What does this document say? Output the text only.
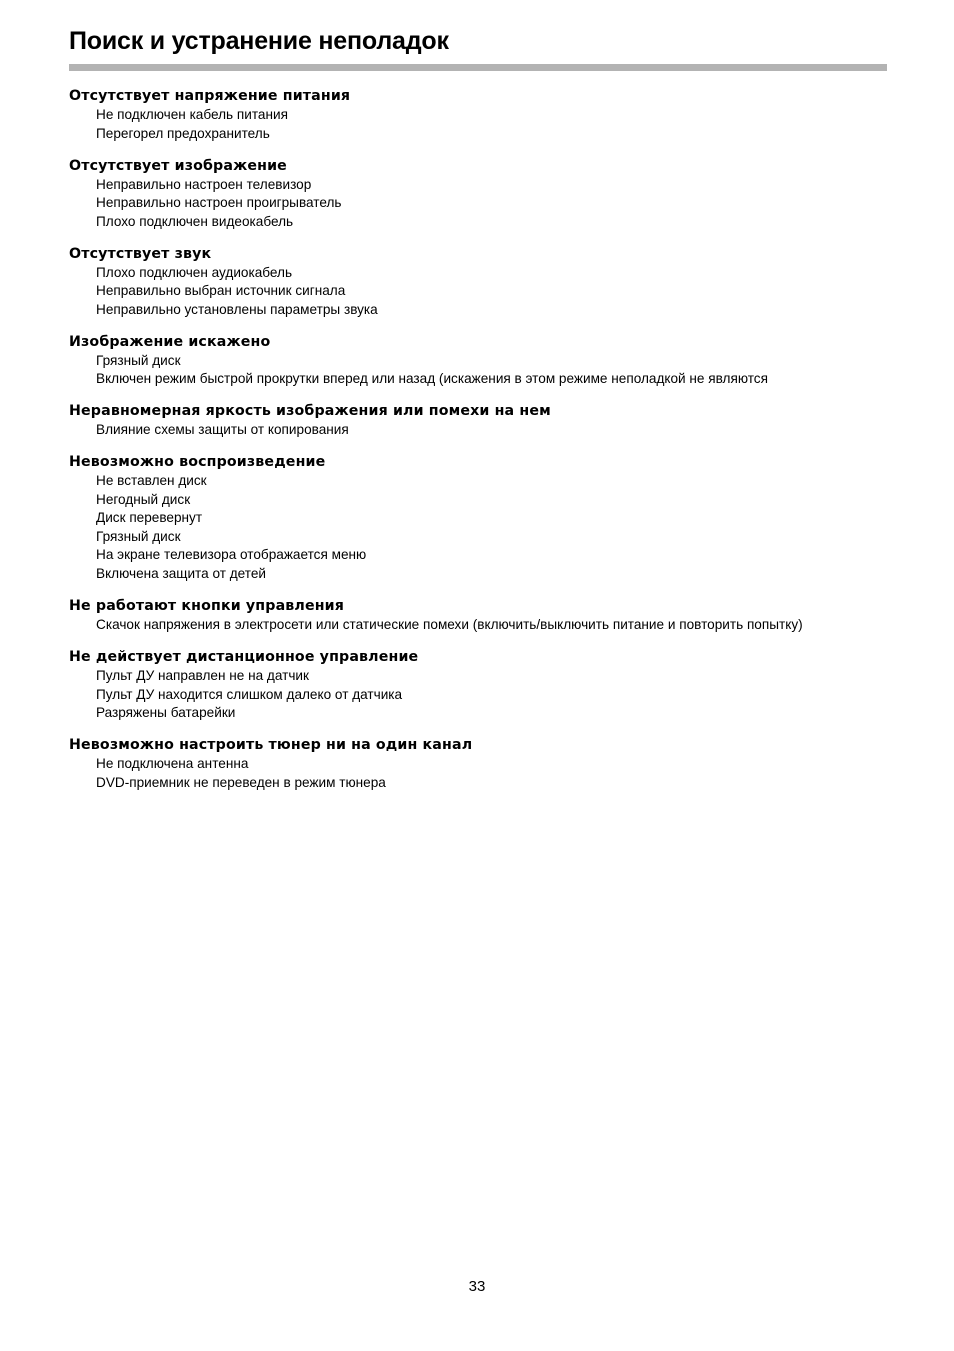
Поиск и устранение неполадок
Отсутствует напряжение питания
Не подключен кабель питания
Перегорел предохранитель
Отсутствует изображение
Неправильно настроен телевизор
Неправильно настроен проигрыватель
Плохо подключен видеокабель
Отсутствует звук
Плохо подключен аудиокабель
Неправильно выбран источник сигнала
Неправильно установлены параметры звука
Изображение искажено
Грязный диск
Включен режим быстрой прокрутки вперед или назад (искажения в этом режиме неполадкой не являются
Неравномерная яркость изображения или помехи на нем
Влияние схемы защиты от копирования
Невозможно воспроизведение
Не вставлен диск
Негодный диск
Диск перевернут
Грязный диск
На экране телевизора отображается меню
Включена защита от детей
Не работают кнопки управления
Скачок напряжения в электросети или статические помехи (включить/выключить питание и повторить попытку)
Не действует дистанционное управление
Пульт ДУ направлен не на датчик
Пульт ДУ находится слишком далеко от датчика
Разряжены батарейки
Невозможно настроить тюнер ни на один канал
Не подключена антенна
DVD-приемник не переведен в режим тюнера
33
